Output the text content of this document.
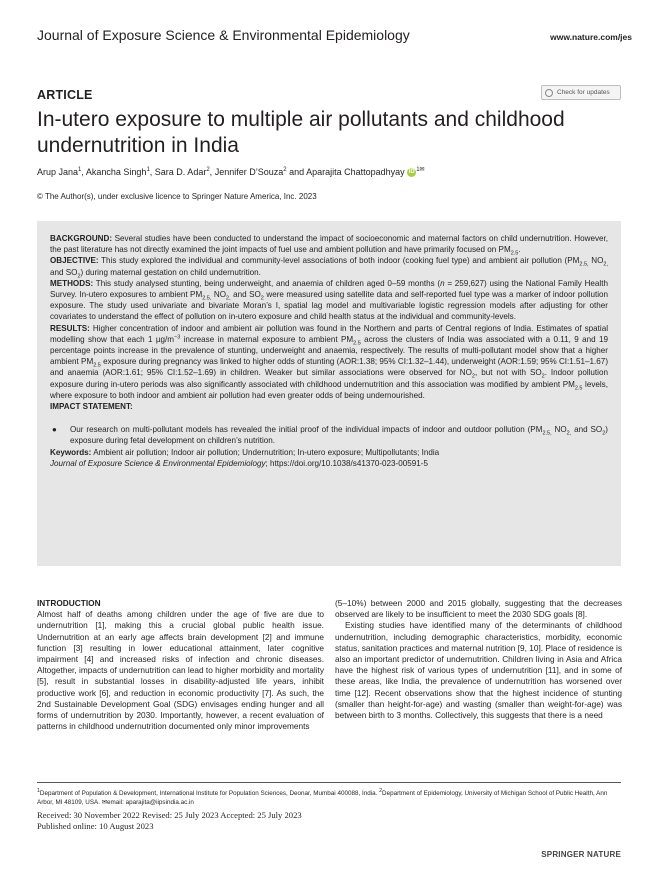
Journal of Exposure Science & Environmental Epidemiology	www.nature.com/jes
ARTICLE	Check for updates
In-utero exposure to multiple air pollutants and childhood undernutrition in India
Arup Jana$^1$, Akancha Singh$^1$, Sara D. Adar$^2$, Jennifer D’Souza$^2$ and Aparajita Chattopadhyay iD $^{1✉}$
© The Author(s), under exclusive licence to Springer Nature America, Inc. 2023

BACKGROUND: Several studies have been conducted to understand the impact of socioeconomic and maternal factors on child undernutrition. However, the past literature has not directly examined the joint impacts of fuel use and ambient pollution and have primarily focused on $PM_{2.5}$.

OBJECTIVE: This study explored the individual and community-level associations of both indoor (cooking fuel type) and ambient air pollution ($PM_{2.5,}$ $NO_{2,}$ and $SO_2$) during maternal gestation on child undernutrition.

METHODS: This study analysed stunting, being underweight, and anaemia of children aged 0–59 months (n = 259,627) using the National Family Health Survey. In-utero exposures to ambient $PM_{2.5,}$ $NO_{2,}$ and $SO_2$ were measured using satellite data and self-reported fuel type was a marker of indoor pollution exposure. The study used univariate and bivariate Moran’s I, spatial lag model and multivariable logistic regression models after adjusting for other covariates to understand the effect of pollution on in-utero exposure and child health status at the individual and community-levels.

RESULTS: Higher concentration of indoor and ambient air pollution was found in the Northern and parts of Central regions of India. Estimates of spatial modelling show that each 1 $\mu g/m^{-3}$ increase in maternal exposure to ambient $PM_{2.5}$ across the clusters of India was associated with a 0.11, 9 and 19 percentage points increase in the prevalence of stunting, underweight and anaemia, respectively. The results of multi-pollutant model show that a higher ambient $PM_{2.5}$ exposure during pregnancy was linked to higher odds of stunting (AOR:1.38; 95% CI:1.32–1.44), underweight (AOR:1.59; 95% CI:1.51–1.67) and anaemia (AOR:1.61; 95% CI:1.52–1.69) in children. Weaker but similar associations were observed for $NO_2$, but not with $SO_2$. Indoor pollution exposure during in-utero periods was also significantly associated with childhood undernutrition and this association was modified by ambient $PM_{2.5}$ levels, where exposure to both indoor and ambient air pollution had even greater odds of being undernourished.

IMPACT STATEMENT:

●	Our research on multi-pollutant models has revealed the initial proof of the individual impacts of indoor and outdoor pollution ($PM_{2.5,}$ $NO_{2,}$ and $SO_2$) exposure during fetal development on children’s nutrition.

Keywords: Ambient air pollution; Indoor air pollution; Undernutrition; In-utero exposure; Multipollutants; India

Journal of Exposure Science & Environmental Epidemiology; https://doi.org/10.1038/s41370-023-00591-5

INTRODUCTION

Almost half of deaths among children under the age of five are due to undernutrition [1], making this a crucial global public health issue. Undernutrition at an early age affects brain development [2] and immune function [3] resulting in lower educational attainment, later cognitive impairment [4] and increased risks of infection and chronic diseases. Altogether, impacts of undernutrition can lead to higher morbidity and mortality [5], result in substantial losses in disability-adjusted life years, inhibit productive work [6], and reduction in economic productivity [7]. As such, the 2nd Sustainable Development Goal (SDG) envisages ending hunger and all forms of undernutrition by 2030. Importantly, however, a recent evaluation of patterns in childhood undernutrition documented only minor improvements

(5–10%) between 2000 and 2015 globally, suggesting that the decreases observed are likely to be insufficient to meet the 2030 SDG goals [8].

Existing studies have identified many of the determinants of childhood undernutrition, including demographic characteristics, morbidity, economic status, sanitation practices and maternal nutrition [9, 10]. Place of residence is also an important predictor of undernutrition. Children living in Asia and Africa have the highest risk of various types of undernutrition [11], and in some of these areas, like India, the prevalence of undernutrition has worsened over time [12]. Recent observations show that the highest incidence of stunting (smaller than height-for-age) and wasting (smaller than weight-for-age) was between birth to 3 months. Collectively, this suggests that there is a need

$^1$Department of Population & Development, International Institute for Population Sciences, Deonar, Mumbai 400088, India. $^2$Department of Epidemiology, University of Michigan School of Public Health, Ann Arbor, MI 48109, USA. ✉email: aparajita@iipsindia.ac.in
Received: 30 November 2022 Revised: 25 July 2023 Accepted: 25 July 2023
Published online: 10 August 2023
SPRINGER NATURE
